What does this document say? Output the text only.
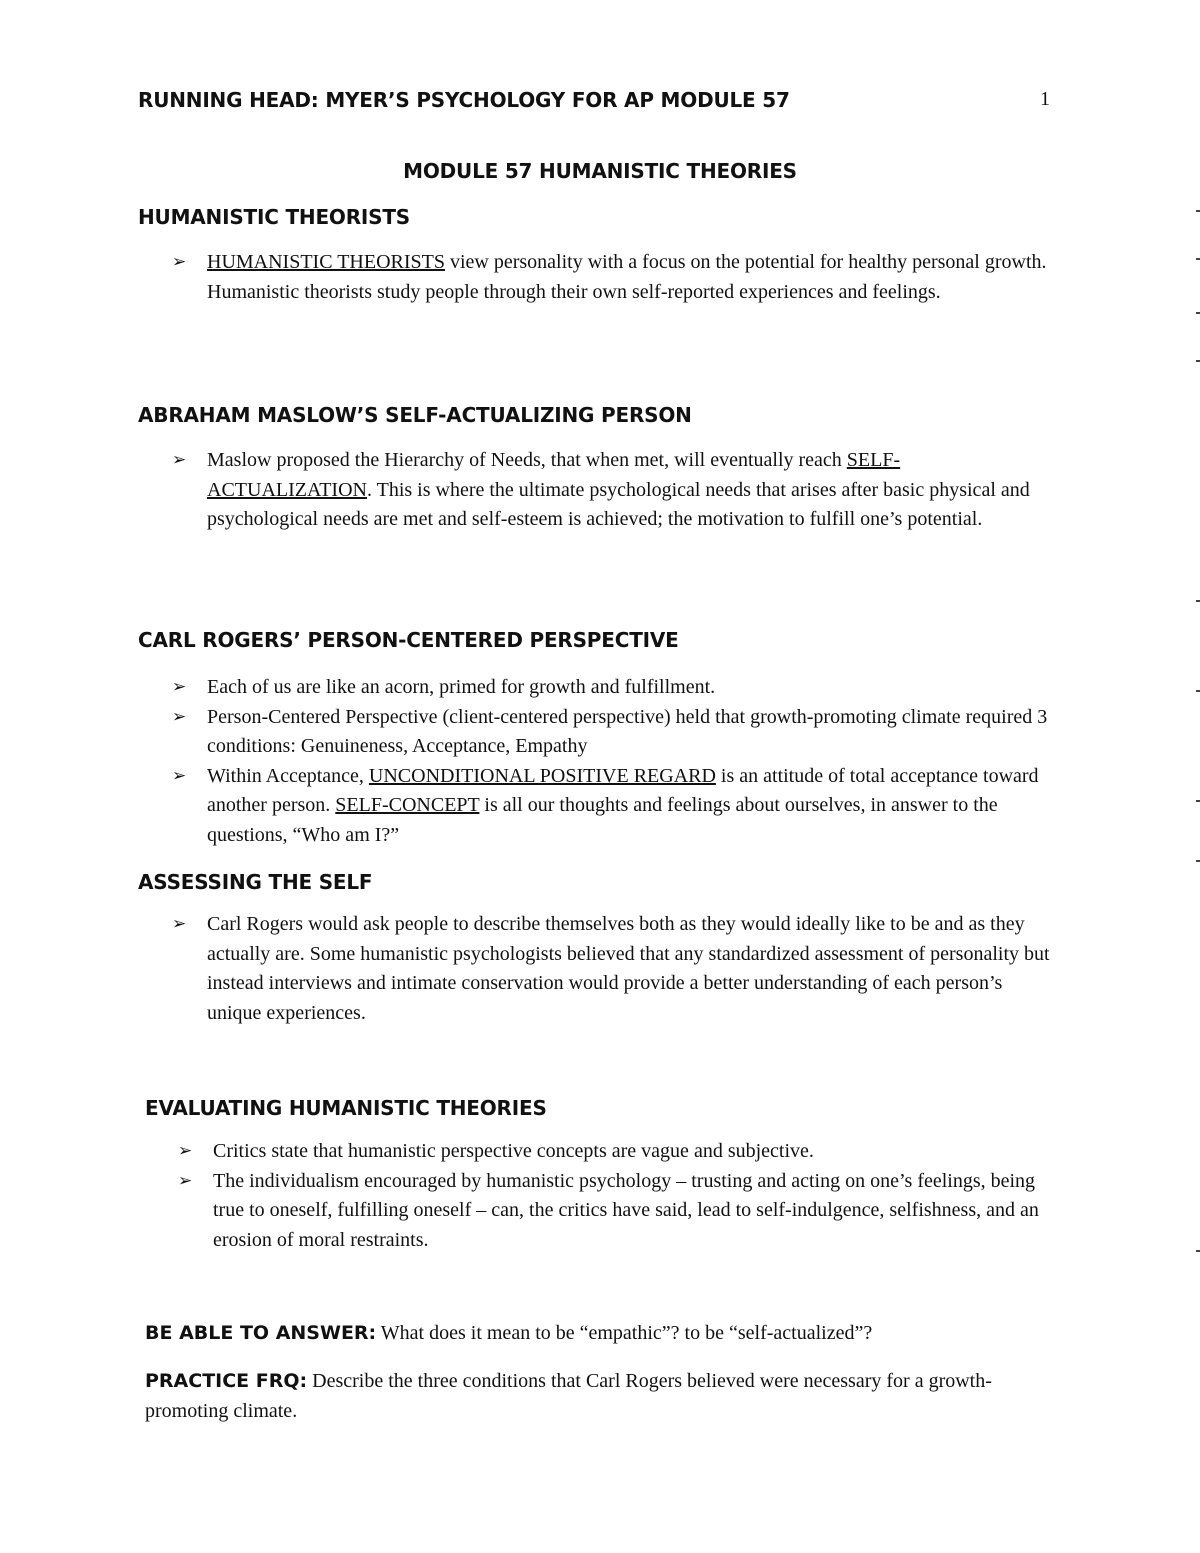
RUNNING HEAD: MYER’S PSYCHOLOGY FOR AP MODULE 57	1
MODULE 57 HUMANISTIC THEORIES
HUMANISTIC THEORISTS
➢ HUMANISTIC THEORISTS view personality with a focus on the potential for healthy personal growth. Humanistic theorists study people through their own self-reported experiences and feelings.
ABRAHAM MASLOW’S SELF-ACTUALIZING PERSON
➢ Maslow proposed the Hierarchy of Needs, that when met, will eventually reach SELF-ACTUALIZATION. This is where the ultimate psychological needs that arises after basic physical and psychological needs are met and self-esteem is achieved; the motivation to fulfill one’s potential.
CARL ROGERS’ PERSON-CENTERED PERSPECTIVE
➢ Each of us are like an acorn, primed for growth and fulfillment.
➢ Person-Centered Perspective (client-centered perspective) held that growth-promoting climate required 3 conditions: Genuineness, Acceptance, Empathy
➢ Within Acceptance, UNCONDITIONAL POSITIVE REGARD is an attitude of total acceptance toward another person. SELF-CONCEPT is all our thoughts and feelings about ourselves, in answer to the questions, “Who am I?”
ASSESSING THE SELF
➢ Carl Rogers would ask people to describe themselves both as they would ideally like to be and as they actually are. Some humanistic psychologists believed that any standardized assessment of personality but instead interviews and intimate conservation would provide a better understanding of each person’s unique experiences.
EVALUATING HUMANISTIC THEORIES
➢ Critics state that humanistic perspective concepts are vague and subjective.
➢ The individualism encouraged by humanistic psychology – trusting and acting on one’s feelings, being true to oneself, fulfilling oneself – can, the critics have said, lead to self-indulgence, selfishness, and an erosion of moral restraints.
BE ABLE TO ANSWER: What does it mean to be “empathic”? to be “self-actualized”?
PRACTICE FRQ: Describe the three conditions that Carl Rogers believed were necessary for a growth-promoting climate.
